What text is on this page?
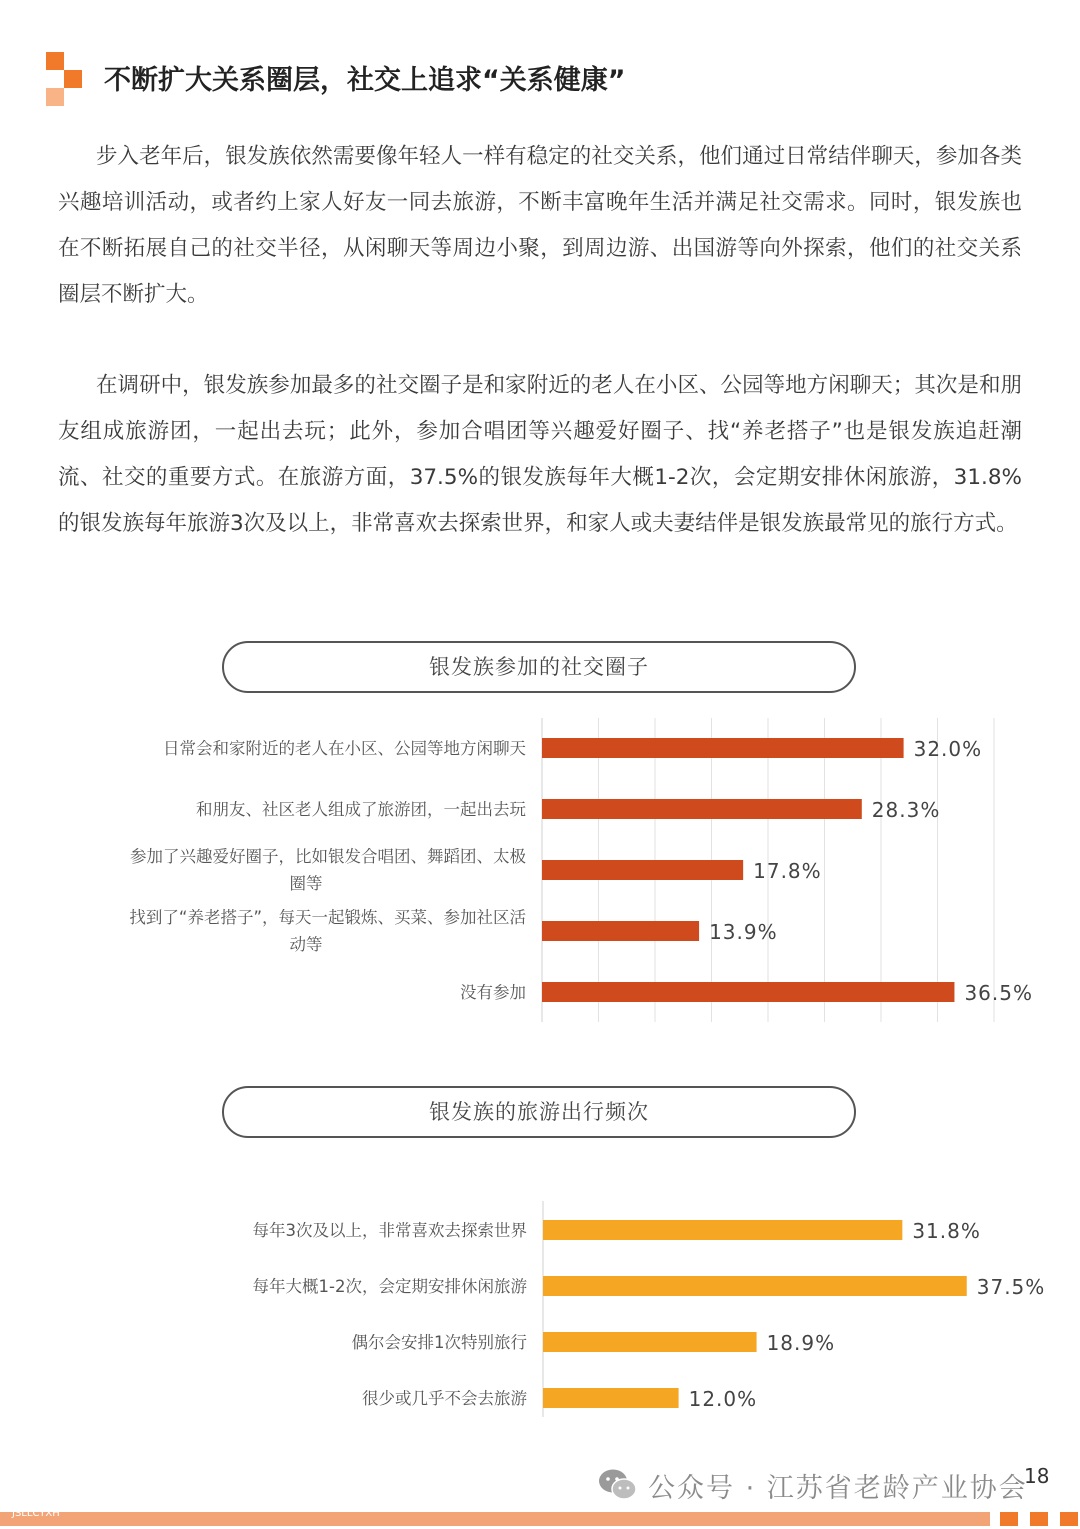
不断扩大关系圈层，社交上追求“关系健康”
步入老年后，银发族依然需要像年轻人一样有稳定的社交关系，他们通过日常结伴聊天，参加各类兴趣培训活动，或者约上家人好友一同去旅游，不断丰富晚年生活并满足社交需求。同时，银发族也在不断拓展自己的社交半径，从闲聊天等周边小聚，到周边游、出国游等向外探索，他们的社交关系圈层不断扩大。
在调研中，银发族参加最多的社交圈子是和家附近的老人在小区、公园等地方闲聊天；其次是和朋友组成旅游团，一起出去玩；此外，参加合唱团等兴趣爱好圈子、找“养老搭子”也是银发族追赶潮流、社交的重要方式。在旅游方面，37.5%的银发族每年大概1-2次，会定期安排休闲旅游，31.8%的银发族每年旅游3次及以上，非常喜欢去探索世界，和家人或夫妻结伴是银发族最常见的旅行方式。
银发族参加的社交圈子
32.0%
日常会和家附近的老人在小区、公园等地方闲聊天
28.3%
和朋友、社区老人组成了旅游团，一起出去玩
17.8%
参加了兴趣爱好圈子，比如银发合唱团、舞蹈团、太极
圈等
13.9%
找到了“养老搭子”，每天一起锻炼、买菜、参加社区活
动等
36.5%
没有参加
银发族的旅游出行频次
31.8%
每年3次及以上，非常喜欢去探索世界
37.5%
每年大概1-2次，会定期安排休闲旅游
18.9%
偶尔会安排1次特别旅行
12.0%
很少或几乎不会去旅游
公众号 · 江苏省老龄产业协会
18
JSLLCYXH
